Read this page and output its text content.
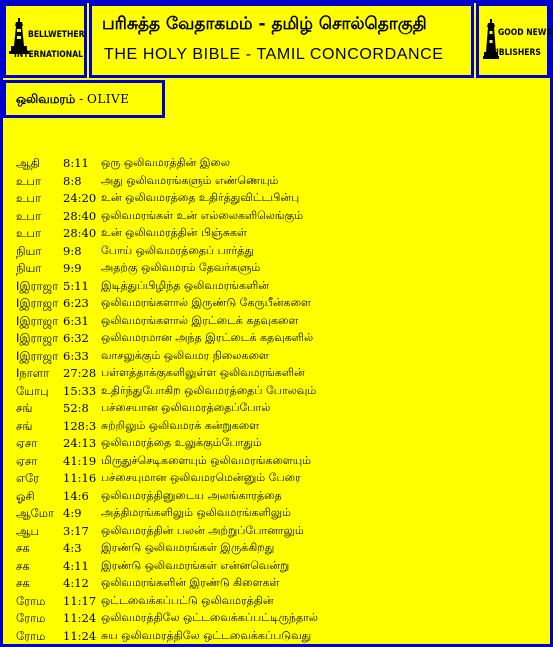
BELLWETHER
INTERNATIONAL
பரிசுத்த வேதாகமம் - தமிழ் சொல்தொகுதி
THE HOLY BIBLE - TAMIL CONCORDANCE
GOOD NEWS
PUBLISHERS
ஒலிவமரம் - OLIVE
ஆதி 8:11 ஒரு ஒலிவமரத்தின் இலை
உபா 8:8 அது ஒலிவமரங்களும் எண்ணெயும்
உபா 24:20 உன் ஒலிவமரத்தை உதிர்த்துவிட்டபின்பு
உபா 28:40 ஒலிவமரங்கள் உன் எல்லைகளிலெங்கும்
உபா 28:40 உன் ஒலிவமரத்தின் பிஞ்சுகள்
நியா 9:8 போய் ஒலிவமரத்தைப் பார்த்து
நியா 9:9 அதற்கு ஒலிவமரம் தேவர்களும்
Iஇராஜா 5:11 இடித்துப்பிழிந்த ஒலிவமரங்களின்
Iஇராஜா 6:23 ஒலிவமரங்களால் இருண்டு கேருபீன்களை
Iஇராஜா 6:31 ஒலிவமரங்களால் இரட்டைக் கதவுகளை
Iஇராஜா 6:32 ஒலிவமரமான அந்த இரட்டைக் கதவுகளில்
Iஇராஜா 6:33 வாசலுக்கும் ஒலிவமர நிலைகளை
Iநாளா 27:28 பள்ளத்தாக்குகளிலுள்ள ஒலிவமரங்களின்
யோபு 15:33 உதிர்ந்துபோகிற ஒலிவமரத்தைப் போலவும்
சங்	52:8 பச்சையான ஒலிவமரத்தைப்போல்
சங்	128:3 சுற்றிலும் ஒலிவமரக் கன்றுகளை
ஏசா 24:13 ஒலிவமரத்தை உலுக்கும்போதும்
ஏசா 41:19 மிருதுச்செடிகளையும் ஒலிவமரங்களையும்
எரே 11:16 பச்சையுமான ஒலிவமரமென்னும் பேரை
ஓசி 14:6 ஒலிவமரத்தினுடைய அலங்காரத்தை
ஆமோ 4:9 அத்திமரங்களிலும் ஒலிவமரங்களிலும்
ஆப 3:17 ஒலிவமரத்தின் பலன் அற்றுப்போனாலும்
சக	4:3 இரண்டு ஒலிவமரங்கள் இருக்கிறது
சக	4:11 இரண்டு ஒலிவமரங்கள் என்னவென்று
சக	4:12 ஒலிவமரங்களின் இரண்டு கிளைகள்
ரோம 11:17 ஒட்டவைக்கப்பட்டு ஒலிவமரத்தின்
ரோம 11:24 ஒலிவமரத்திலே ஒட்டவைக்கப்பட்டிருந்தால்
ரோம 11:24 சுய ஒலிவமரத்திலே ஒட்டவைக்கப்படுவது
